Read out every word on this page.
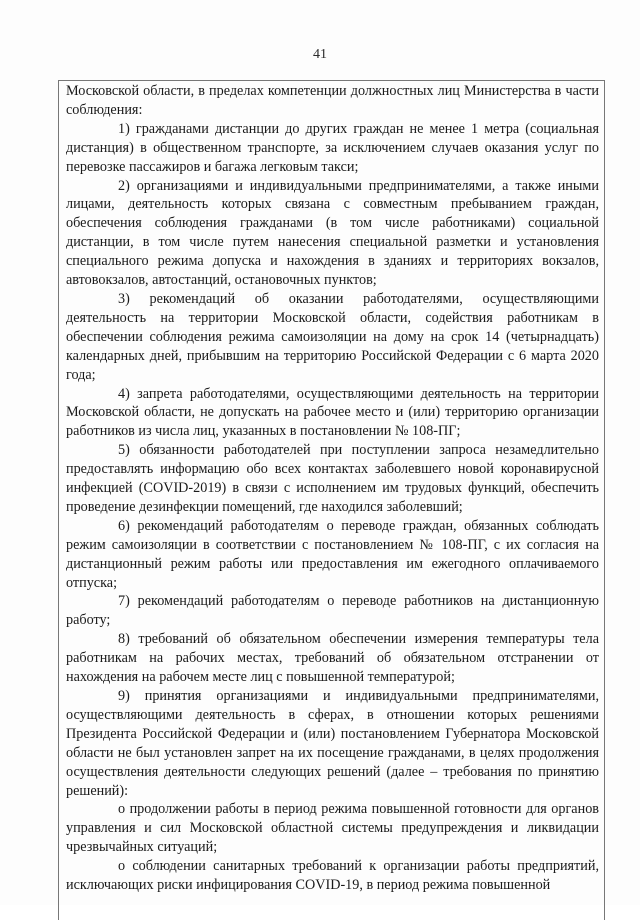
41

Московской области, в пределах компетенции должностных лиц Министерства в части соблюдения:

1) гражданами дистанции до других граждан не менее 1 метра (социальная дистанция) в общественном транспорте, за исключением случаев оказания услуг по перевозке пассажиров и багажа легковым такси;

2) организациями и индивидуальными предпринимателями, а также иными лицами, деятельность которых связана с совместным пребыванием граждан, обеспечения соблюдения гражданами (в том числе работниками) социальной дистанции, в том числе путем нанесения специальной разметки и установления специального режима допуска и нахождения в зданиях и территориях вокзалов, автовокзалов, автостанций, остановочных пунктов;

3) рекомендаций об оказании работодателями, осуществляющими деятельность на территории Московской области, содействия работникам в обеспечении соблюдения режима самоизоляции на дому на срок 14 (четырнадцать) календарных дней, прибывшим на территорию Российской Федерации с 6 марта 2020 года;

4) запрета работодателями, осуществляющими деятельность на территории Московской области, не допускать на рабочее место и (или) территорию организации работников из числа лиц, указанных в постановлении № 108-ПГ;

5) обязанности работодателей при поступлении запроса незамедлительно предоставлять информацию обо всех контактах заболевшего новой коронавирусной инфекцией (COVID-2019) в связи с исполнением им трудовых функций, обеспечить проведение дезинфекции помещений, где находился заболевший;

6) рекомендаций работодателям о переводе граждан, обязанных соблюдать режим самоизоляции в соответствии с постановлением № 108-ПГ, с их согласия на дистанционный режим работы или предоставления им ежегодного оплачиваемого отпуска;

7) рекомендаций работодателям о переводе работников на дистанционную работу;

8) требований об обязательном обеспечении измерения температуры тела работникам на рабочих местах, требований об обязательном отстранении от нахождения на рабочем месте лиц с повышенной температурой;

9) принятия организациями и индивидуальными предпринимателями, осуществляющими деятельность в сферах, в отношении которых решениями Президента Российской Федерации и (или) постановлением Губернатора Московской области не был установлен запрет на их посещение гражданами, в целях продолжения осуществления деятельности следующих решений (далее – требования по принятию решений):

о продолжении работы в период режима повышенной готовности для органов управления и сил Московской областной системы предупреждения и ликвидации чрезвычайных ситуаций;

о соблюдении санитарных требований к организации работы предприятий, исключающих риски инфицирования COVID-19, в период режима повышенной
